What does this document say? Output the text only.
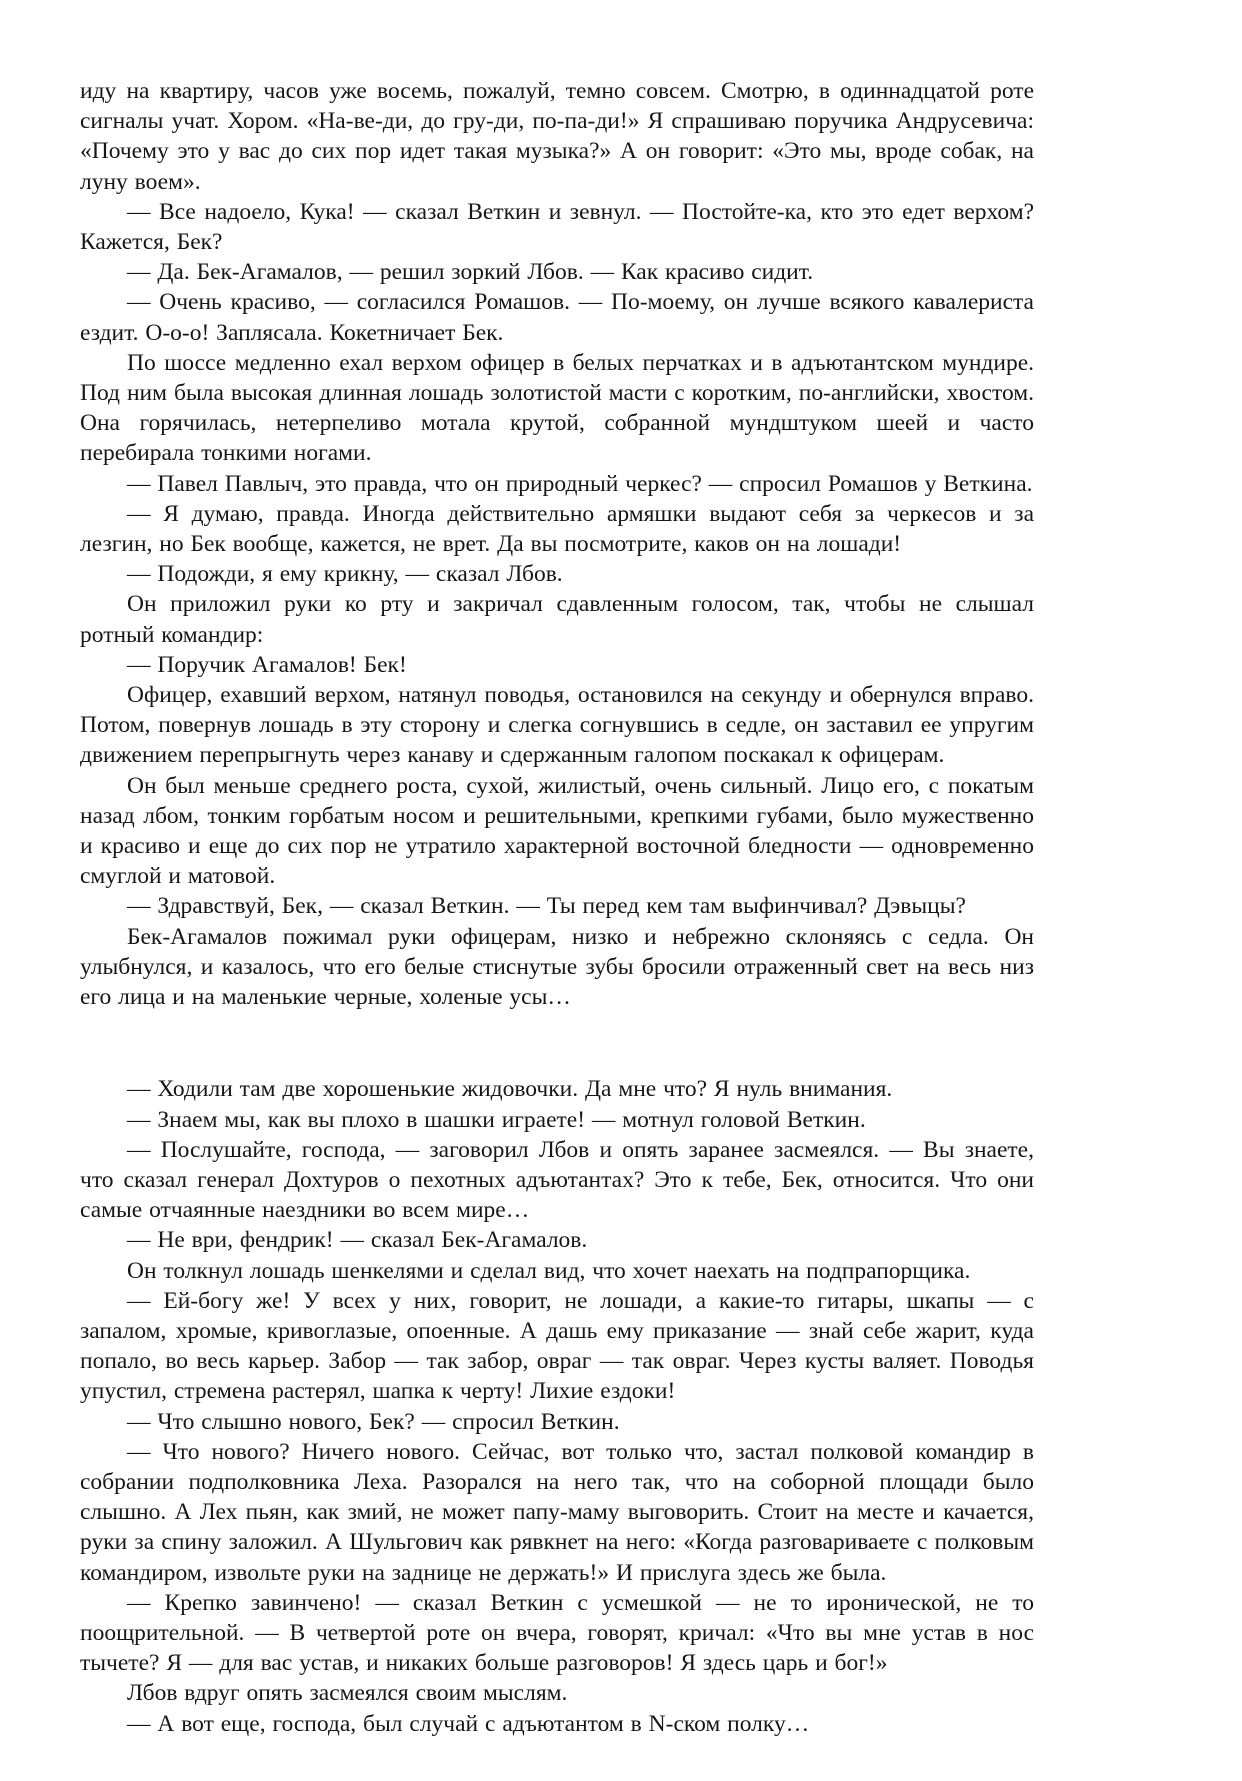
иду на квартиру, часов уже восемь, пожалуй, темно совсем. Смотрю, в одиннадцатой роте сигналы учат. Хором. «На-ве-ди, до гру-ди, по-па-ди!» Я спрашиваю поручика Андрусевича: «Почему это у вас до сих пор идет такая музыка?» А он говорит: «Это мы, вроде собак, на луну воем».

— Все надоело, Кука! — сказал Веткин и зевнул. — Постойте-ка, кто это едет верхом? Кажется, Бек?

— Да. Бек-Агамалов, — решил зоркий Лбов. — Как красиво сидит.

— Очень красиво, — согласился Ромашов. — По-моему, он лучше всякого кавалериста ездит. О-о-о! Заплясала. Кокетничает Бек.

По шоссе медленно ехал верхом офицер в белых перчатках и в адъютантском мундире. Под ним была высокая длинная лошадь золотистой масти с коротким, по-английски, хвостом. Она горячилась, нетерпеливо мотала крутой, собранной мундштуком шеей и часто перебирала тонкими ногами.

— Павел Павлыч, это правда, что он природный черкес? — спросил Ромашов у Веткина.

— Я думаю, правда. Иногда действительно армяшки выдают себя за черкесов и за лезгин, но Бек вообще, кажется, не врет. Да вы посмотрите, каков он на лошади!

— Подожди, я ему крикну, — сказал Лбов.

Он приложил руки ко рту и закричал сдавленным голосом, так, чтобы не слышал ротный командир:

— Поручик Агамалов! Бек!

Офицер, ехавший верхом, натянул поводья, остановился на секунду и обернулся вправо. Потом, повернув лошадь в эту сторону и слегка согнувшись в седле, он заставил ее упругим движением перепрыгнуть через канаву и сдержанным галопом поскакал к офицерам.

Он был меньше среднего роста, сухой, жилистый, очень сильный. Лицо его, с покатым назад лбом, тонким горбатым носом и решительными, крепкими губами, было мужественно и красиво и еще до сих пор не утратило характерной восточной бледности — одновременно смуглой и матовой.

— Здравствуй, Бек, — сказал Веткин. — Ты перед кем там выфинчивал? Дэвыцы?

Бек-Агамалов пожимал руки офицерам, низко и небрежно склоняясь с седла. Он улыбнулся, и казалось, что его белые стиснутые зубы бросили отраженный свет на весь низ его лица и на маленькие черные, холеные усы…

— Ходили там две хорошенькие жидовочки. Да мне что? Я нуль внимания.

— Знаем мы, как вы плохо в шашки играете! — мотнул головой Веткин.

— Послушайте, господа, — заговорил Лбов и опять заранее засмеялся. — Вы знаете, что сказал генерал Дохтуров о пехотных адъютантах? Это к тебе, Бек, относится. Что они самые отчаянные наездники во всем мире…

— Не ври, фендрик! — сказал Бек-Агамалов.

Он толкнул лошадь шенкелями и сделал вид, что хочет наехать на подпрапорщика.

— Ей-богу же! У всех у них, говорит, не лошади, а какие-то гитары, шкапы — с запалом, хромые, кривоглазые, опоенные. А дашь ему приказание — знай себе жарит, куда попало, во весь карьер. Забор — так забор, овраг — так овраг. Через кусты валяет. Поводья упустил, стремена растерял, шапка к черту! Лихие ездоки!

— Что слышно нового, Бек? — спросил Веткин.

— Что нового? Ничего нового. Сейчас, вот только что, застал полковой командир в собрании подполковника Леха. Разорался на него так, что на соборной площади было слышно. А Лех пьян, как змий, не может папу-маму выговорить. Стоит на месте и качается, руки за спину заложил. А Шульгович как рявкнет на него: «Когда разговариваете с полковым командиром, извольте руки на заднице не держать!» И прислуга здесь же была.

— Крепко завинчено! — сказал Веткин с усмешкой — не то иронической, не то поощрительной. — В четвертой роте он вчера, говорят, кричал: «Что вы мне устав в нос тычете? Я — для вас устав, и никаких больше разговоров! Я здесь царь и бог!»

Лбов вдруг опять засмеялся своим мыслям.

— А вот еще, господа, был случай с адъютантом в N-ском полку…
